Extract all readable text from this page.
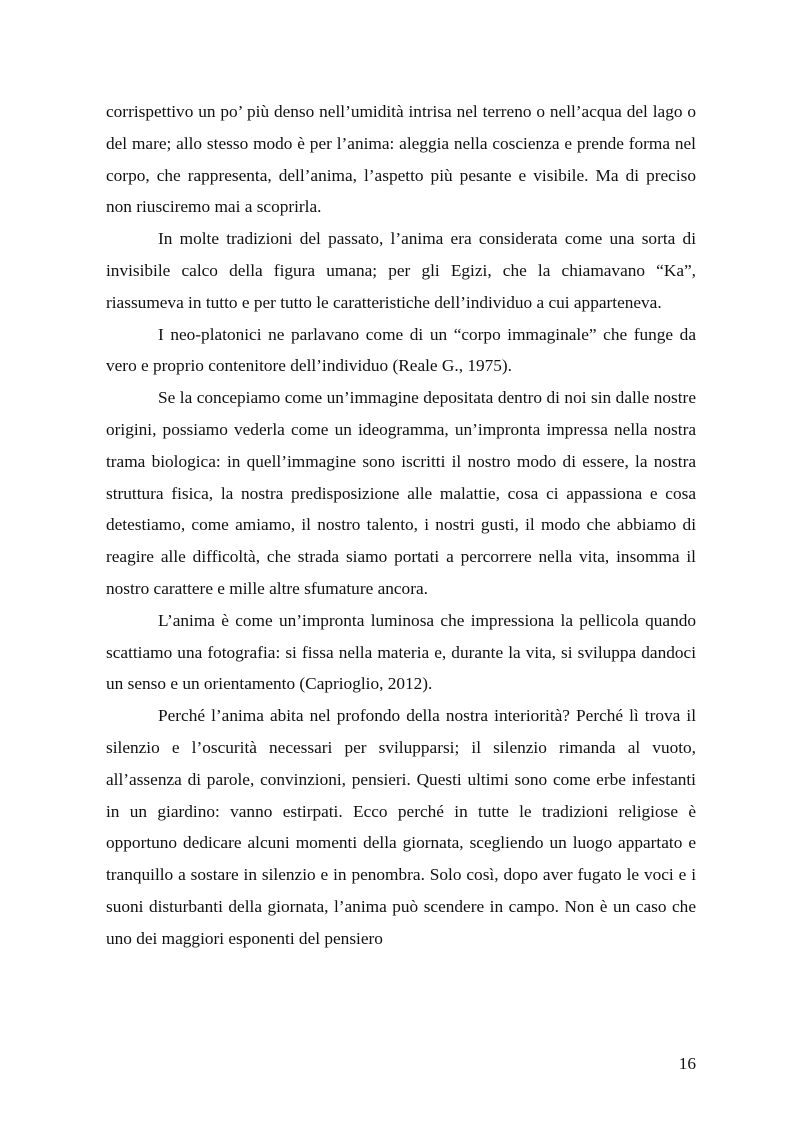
corrispettivo un po’ più denso nell’umidità intrisa nel terreno o nell’acqua del lago o del mare; allo stesso modo è per l’anima: aleggia nella coscienza e prende forma nel corpo, che rappresenta, dell’anima, l’aspetto più pesante e visibile. Ma di preciso non riusciremo mai a scoprirla.

In molte tradizioni del passato, l’anima era considerata come una sorta di invisibile calco della figura umana; per gli Egizi, che la chiamavano “Ka”, riassumeva in tutto e per tutto le caratteristiche dell’individuo a cui apparteneva.

I neo-platonici ne parlavano come di un “corpo immaginale” che funge da vero e proprio contenitore dell’individuo (Reale G., 1975).

Se la concepiamo come un’immagine depositata dentro di noi sin dalle nostre origini, possiamo vederla come un ideogramma, un’impronta impressa nella nostra trama biologica: in quell’immagine sono iscritti il nostro modo di essere, la nostra struttura fisica, la nostra predisposizione alle malattie, cosa ci appassiona e cosa detestiamo, come amiamo, il nostro talento, i nostri gusti, il modo che abbiamo di reagire alle difficoltà, che strada siamo portati a percorrere nella vita, insomma il nostro carattere e mille altre sfumature ancora.

L’anima è come un’impronta luminosa che impressiona la pellicola quando scattiamo una fotografia: si fissa nella materia e, durante la vita, si sviluppa dandoci un senso e un orientamento (Caprioglio, 2012).

Perché l’anima abita nel profondo della nostra interiorità? Perché lì trova il silenzio e l’oscurità necessari per svilupparsi; il silenzio rimanda al vuoto, all’assenza di parole, convinzioni, pensieri. Questi ultimi sono come erbe infestanti in un giardino: vanno estirpati. Ecco perché in tutte le tradizioni religiose è opportuno dedicare alcuni momenti della giornata, scegliendo un luogo appartato e tranquillo a sostare in silenzio e in penombra. Solo così, dopo aver fugato le voci e i suoni disturbanti della giornata, l’anima può scendere in campo. Non è un caso che uno dei maggiori esponenti del pensiero

16
